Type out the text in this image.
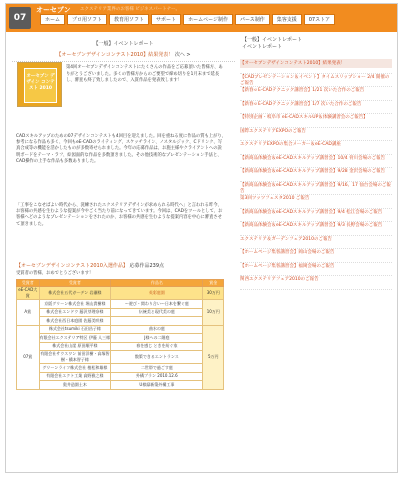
07
オーセブン エクステリア業界のお客様 ビジネスパートナー。
ホーム	プロ用ソフト	教育用ソフト	サポート	ホームページ制作	パース制作	集客支援	07ストア
【一般】イベントレポート
【オーセブンデザインコンテスト2010】結果発表！ 次へ >
オーセブン デザイン コンテスト 2010
第4回オーセブンデザインコンテストにたくさんの作品をご応募頂いた皆様方、ありがとうございました。多くの皆様方からのご要望で締め切りを1月末まで延長し、審査も終了致しましたので、入賞作品を発表致します！
CADスキルアップのための07デザインコンテストも4回目を迎えました。回を重ねる度に作品の質も上がり、参考になる作品も多く、今回もeE-CADのライティング、スケッチライン、ノスタルジック、Cドリンク、写真合成等の機能を活かしたものが多数寄せられました。今年の応募作品は、お施主様やクライアントへの説明ボードをテーマ・ラフ、絵図面的な作品を多数頂きました。その他技術的なプレゼンテーション手法と、CAD操作の上手な作品も多数ありました。
「工事をこなせばよい時代から、洗練されたエクステリアデザインが求められる時代へ」と言われる昨今、お客様の共感を生むような提案が今やごく当たり前になってきています。今回は、CADをツールとして、お客様へどのようなプレゼンテーションをされたのか、お客様の共感を生むような提案内容を中心に審査させて頂きました。
【オーセブンデザインコンテスト2010入選作品】 応募作品239点
受賞者の皆様、おめでとうございます！
受賞者	受賞者	作品名	賞金
eE-CAD大賞	株式会社五代ガーデン 岩瀬様	英彩庭園	30万円
A賞	京阪グリーン株式会社 堀山貴樹様	～遊び・関わり合い～日本を繋ぐ庭	10万円
	株式会社エンドウ 藤沢芽理奈様	伝統美と現代美の庭	
	株式会社西日本庭園 佐藤美咲様		
07賞	株式会社tsumiki 石田昌子様	曲水の庭	5万円
	有限会社エクステリア特区 伊藤 人三様	J様への二階庭	
	株式会社山崖 原田順平様	春を感じ ときを紡ぐ家	
	有限会社サウスワン 前田洋樹・高塚智樹・橋本智子様	散策できるエントランス	
	グリーンライフ株式会社 植松和雄様	二世帯で過ごす庭	
	有限会社エクト工業 高野雅之様	外構プラン 2010.12.6	
	奥井造園土木	U様邸新築外構工事	
【一般】イベントレポート
イベントレポート
【オーセブンデザインコンテスト2010】結果発表！
【CADプレゼンテーション＆イベント】タイムスリップショー 2/4 開催のご報告
【新春ｅE-CADテクニック講習会】1/21 次いた合作のご報告
【新春ｅE-CADテクニック講習会】1/7 次いた合作のご報告
【特別企画・岐阜市 eE-CADスキルUP＆体験講習会のご報告】
国際エクステリアEXPOのご報告
エクステリアEXPOの集合メーカー＆eE-CAD講座
【新商品体験会＆eE-CADスキルアップ講習会】10/4 骨川会場のご報告
【新商品体験会＆eE-CADスキルアップ講習会】9/28 金沢会場のご報告
【新商品体験会＆eE-CADスキルアップ講習会】9/16、17 仙台会場のご報告
第3回ツッツフェスタ2010 ご報告
【新商品体験会＆eE-CADスキルアップ講習会】9/4 松江会場のご報告
【新商品体験会＆eE-CADスキルアップ講習会】9/3 長野会場のご報告
エクステリア＆ガーデンフェア2010のご報告
【ホームページ集客講習会】岡山会場のご報告
【ホームページ集客講習会】福岡会場のご報告
関西エクステリアフェア2010のご報告
